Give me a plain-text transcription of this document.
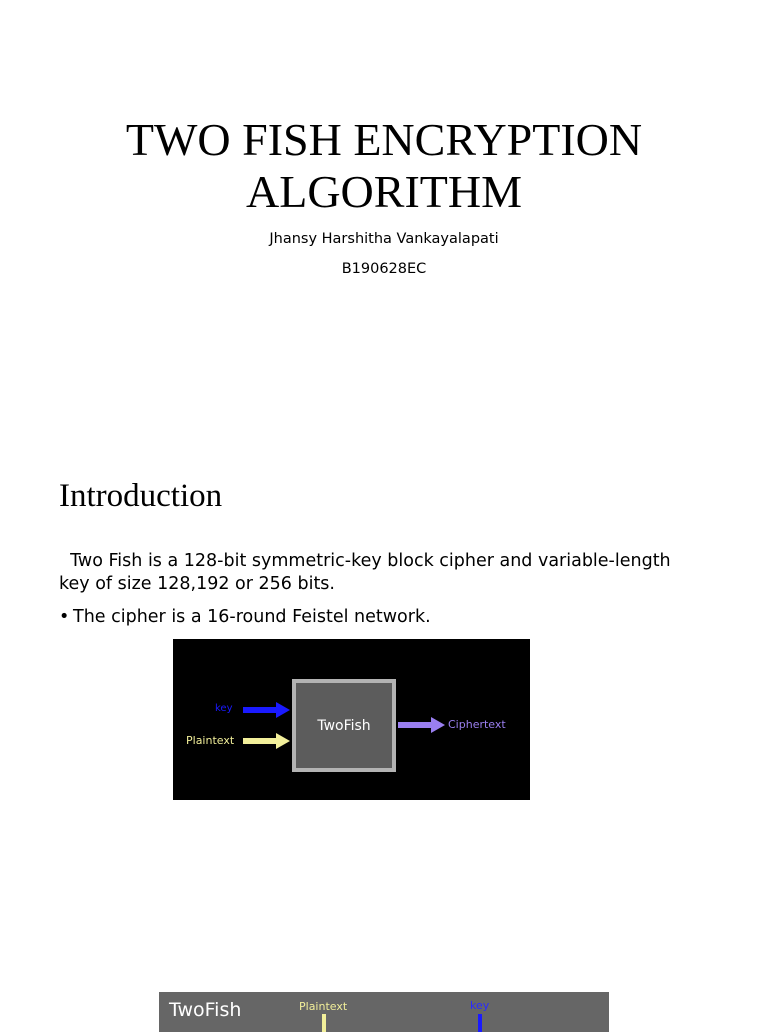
TWO FISH ENCRYPTION
ALGORITHM
Jhansy Harshitha Vankayalapati
B190628EC
Introduction
Two Fish is a 128-bit symmetric-key block cipher and variable-length key of size 128,192 or 256 bits.
• The cipher is a 16-round Feistel network.
key
Plaintext
TwoFish	Ciphertext
TwoFish	Plaintext	key
